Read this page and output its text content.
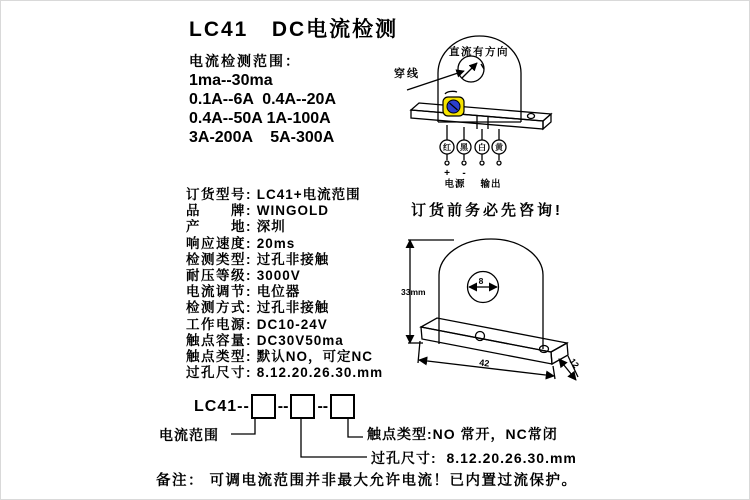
LC41   DC电流检测
电流检测范围：
1ma--30ma
0.1A--6A  0.4A--20A
0.4A--50A 1A-100A
3A-200A    5A-300A
订货型号: LC41+电流范围
品　　牌: WINGOLD
产　　地: 深圳
响应速度: 20ms
检测类型: 过孔非接触
耐压等级: 3000V
电流调节: 电位器
检测方式: 过孔非接触
工作电源: DC10-24V
触点容量: DC30V50ma
触点类型: 默认NO，可定NC
过孔尺寸: 8.12.20.26.30.mm
LC41-- -- --
电流范围	触点类型:NO 常开，NC常闭
过孔尺寸:  8.12.20.26.30.mm
备注： 可调电流范围并非最大允许电流！已内置过流保护。
直流有方向
穿线
红 黑 白 黄
+ -
电源 输出
订货前务必先咨询!
33mm
8
42	12
